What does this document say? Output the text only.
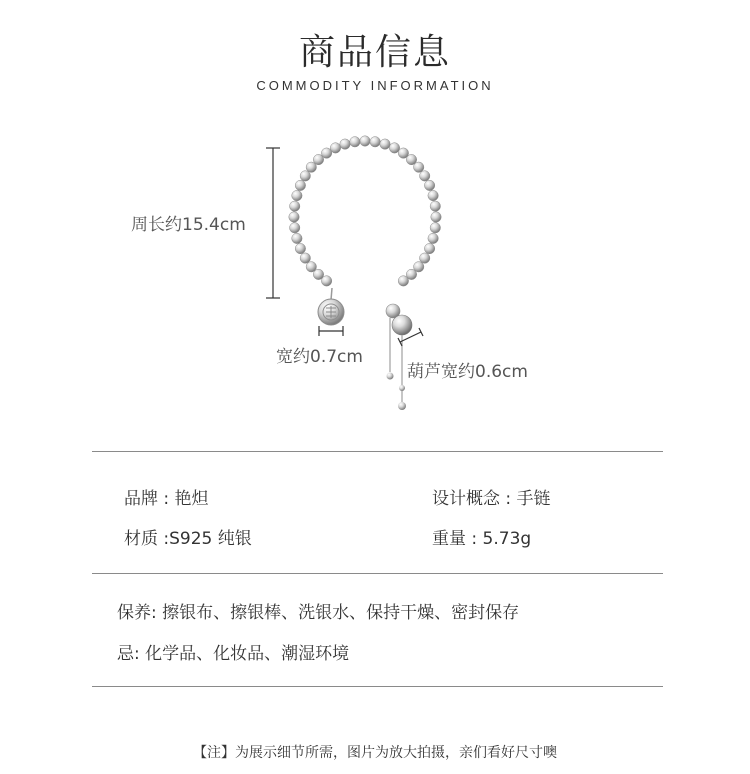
商品信息
COMMODITY INFORMATION
周长约15.4cm
宽约0.7cm
葫芦宽约0.6cm
品牌 : 艳炟	设计概念 : 手链
材质 :S925 纯银	重量 : 5.73g
保养: 擦银布、擦银棒、洗银水、保持干燥、密封保存
忌: 化学品、化妆品、潮湿环境
【注】为展示细节所需，图片为放大拍摄，亲们看好尺寸噢
